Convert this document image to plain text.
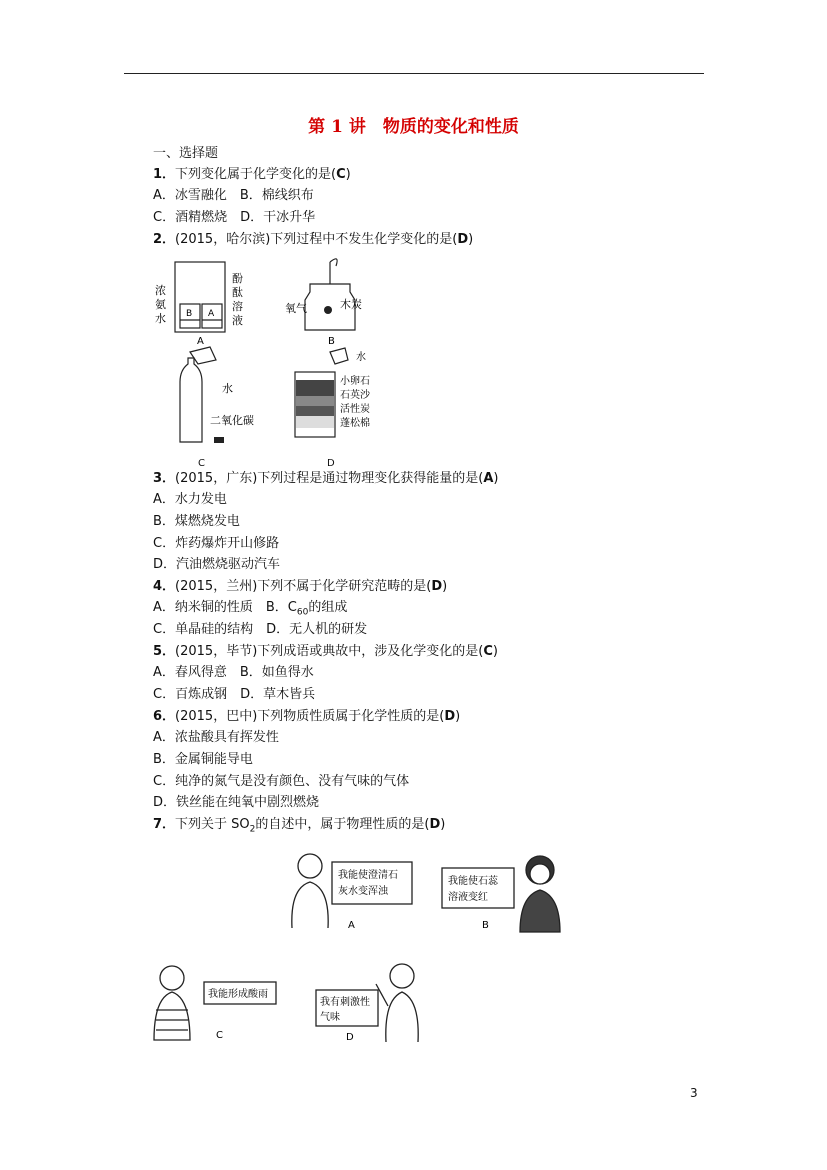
第 1 讲　物质的变化和性质
一、选择题
1．下列变化属于化学变化的是(C)
A．冰雪融化　B．棉线织布
C．酒精燃烧　D．干冰升华
2．(2015，哈尔滨)下列过程中不发生化学变化的是(D)
B A
浓
氨
水
酚
酞
溶
液
A
氧气	木炭
B
水
二氧化碳
水
小卵石
石英沙
活性炭
蓬松棉
C	D
3．(2015，广东)下列过程是通过物理变化获得能量的是(A)
A．水力发电
B．煤燃烧发电
C．炸药爆炸开山修路
D．汽油燃烧驱动汽车
4．(2015，兰州)下列不属于化学研究范畴的是(D)
A．纳米铜的性质　B．$C_{60}$的组成
C．单晶硅的结构　D．无人机的研发
5．(2015，毕节)下列成语或典故中，涉及化学变化的是(C)
A．春风得意　B．如鱼得水
C．百炼成钢　D．草木皆兵
6．(2015，巴中)下列物质性质属于化学性质的是(D)
A．浓盐酸具有挥发性
B．金属铜能导电
C．纯净的氮气是没有颜色、没有气味的气体
D．铁丝能在纯氧中剧烈燃烧
7．下列关于 $SO_2$的自述中，属于物理性质的是(D)
我能使澄清石
灰水变浑浊
A
我能使石蕊
溶液变红
B
我能形成酸雨
C
我有刺激性
气味
D
3
